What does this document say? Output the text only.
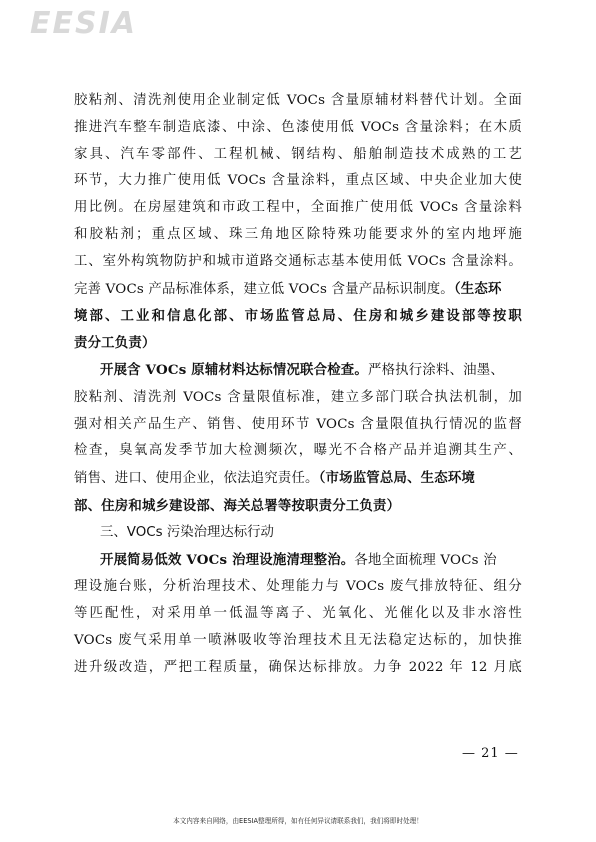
EESIA

胶粘剂、清洗剂使用企业制定低 VOCs 含量原辅材料替代计划。全面

推进汽车整车制造底漆、中涂、色漆使用低 VOCs 含量涂料；在木质

家具、汽车零部件、工程机械、钢结构、船舶制造技术成熟的工艺

环节，大力推广使用低 VOCs 含量涂料，重点区域、中央企业加大使

用比例。在房屋建筑和市政工程中，全面推广使用低 VOCs 含量涂料

和胶粘剂；重点区域、珠三角地区除特殊功能要求外的室内地坪施

工、室外构筑物防护和城市道路交通标志基本使用低 VOCs 含量涂料。

完善 VOCs 产品标准体系，建立低 VOCs 含量产品标识制度。（生态环

境部、工业和信息化部、市场监管总局、住房和城乡建设部等按职

责分工负责）

开展含 VOCs 原辅材料达标情况联合检查。严格执行涂料、油墨、

胶粘剂、清洗剂 VOCs 含量限值标准，建立多部门联合执法机制，加

强对相关产品生产、销售、使用环节 VOCs 含量限值执行情况的监督

检查，臭氧高发季节加大检测频次，曝光不合格产品并追溯其生产、

销售、进口、使用企业，依法追究责任。（市场监管总局、生态环境

部、住房和城乡建设部、海关总署等按职责分工负责）

三、VOCs 污染治理达标行动

开展简易低效 VOCs 治理设施清理整治。各地全面梳理 VOCs 治

理设施台账，分析治理技术、处理能力与 VOCs 废气排放特征、组分

等匹配性，对采用单一低温等离子、光氧化、光催化以及非水溶性

VOCs 废气采用单一喷淋吸收等治理技术且无法稳定达标的，加快推

进升级改造，严把工程质量，确保达标排放。力争 2022 年 12 月底

— 21 —
本文内容来自网络，由EESIA整理所得，如有任何异议请联系我们，我们将即时处理！
